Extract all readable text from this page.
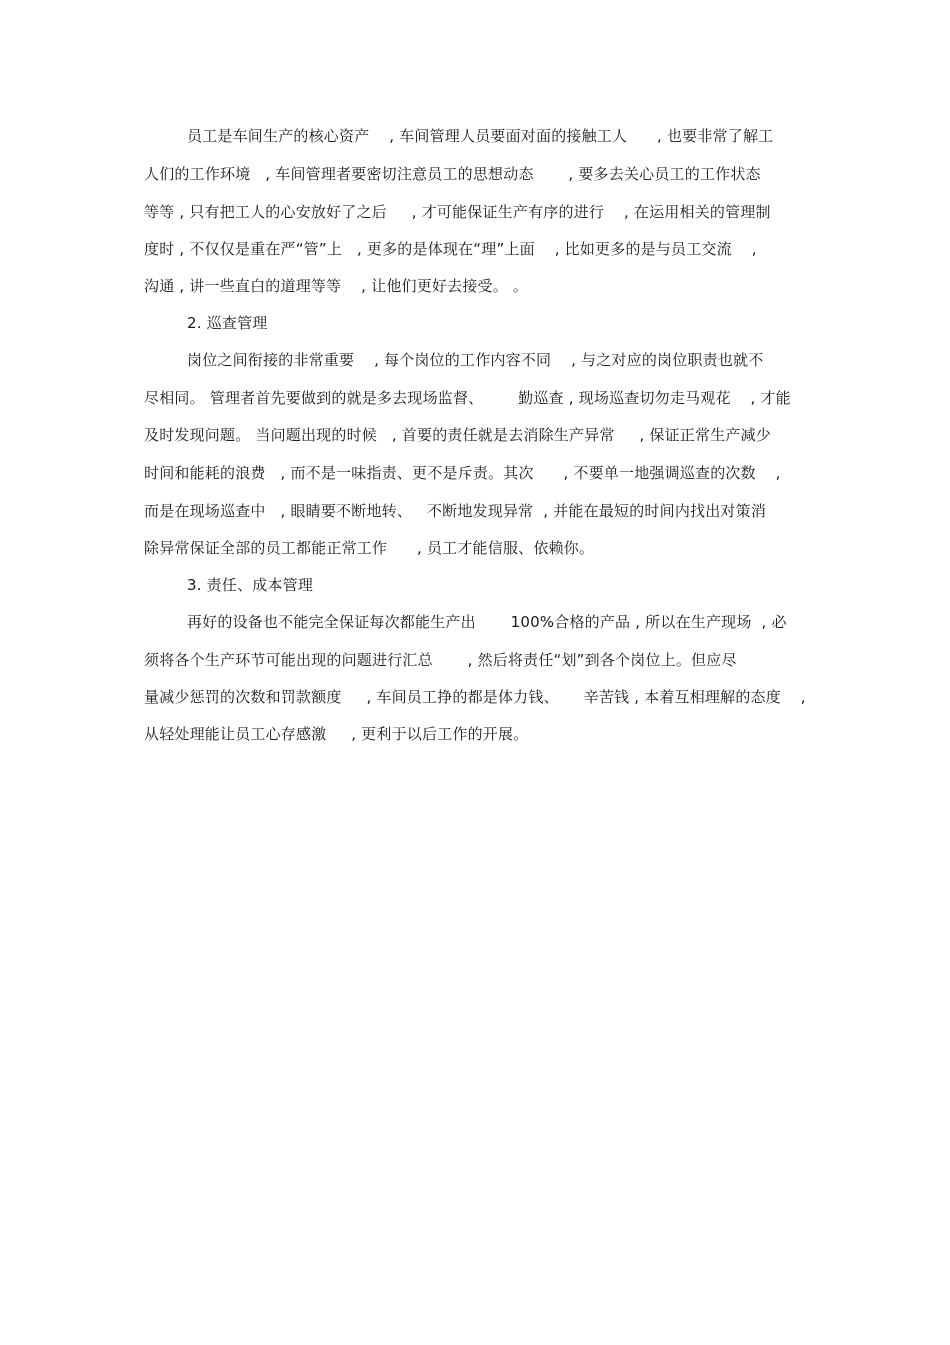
员工是车间生产的核心资产    , 车间管理人员要面对面的接触工人      , 也要非常了解工
人们的工作环境   , 车间管理者要密切注意员工的思想动态       , 要多去关心员工的工作状态
等等 , 只有把工人的心安放好了之后     , 才可能保证生产有序的进行    , 在运用相关的管理制
度时 , 不仅仅是重在严“管”上   , 更多的是体现在“理”上面    , 比如更多的是与员工交流    ,
沟通 , 讲一些直白的道理等等    , 让他们更好去接受。 。
2. 巡查管理
岗位之间衔接的非常重要    , 每个岗位的工作内容不同    , 与之对应的岗位职责也就不
尽相同。 管理者首先要做到的就是多去现场监督、       勤巡查 , 现场巡查切勿走马观花    , 才能
及时发现问题。 当问题出现的时候   , 首要的责任就是去消除生产异常     , 保证正常生产减少
时间和能耗的浪费   , 而不是一味指责、更不是斥责。其次      , 不要单一地强调巡查的次数    ,
而是在现场巡查中   , 眼睛要不断地转、   不断地发现异常  , 并能在最短的时间内找出对策消
除异常保证全部的员工都能正常工作      , 员工才能信服、依赖你。
3. 责任、成本管理
再好的设备也不能完全保证每次都能生产出       100%合格的产品 , 所以在生产现场  , 必
须将各个生产环节可能出现的问题进行汇总       , 然后将责任“划”到各个岗位上。但应尽
量减少惩罚的次数和罚款额度     , 车间员工挣的都是体力钱、     辛苦钱 , 本着互相理解的态度    ,
从轻处理能让员工心存感激     , 更利于以后工作的开展。
